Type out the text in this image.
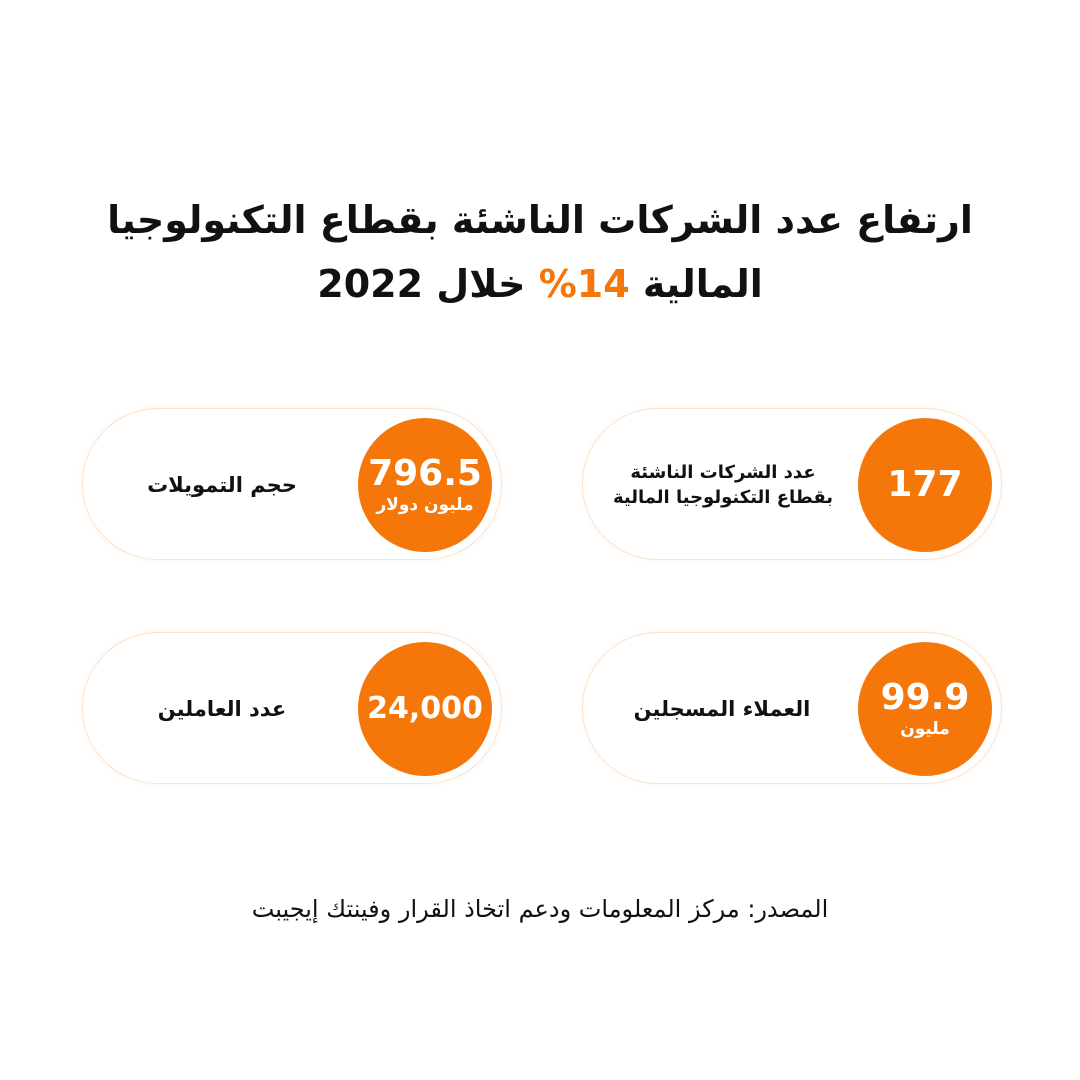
ارتفاع عدد الشركات الناشئة بقطاع التكنولوجيا
المالية 14% خلال 2022
177
عدد الشركات الناشئة
بقطاع التكنولوجيا المالية
796.5
مليون دولار
حجم التمويلات
99.9
مليون
العملاء المسجلين
24,000
عدد العاملين
المصدر: مركز المعلومات ودعم اتخاذ القرار وفينتك إيجيبت
